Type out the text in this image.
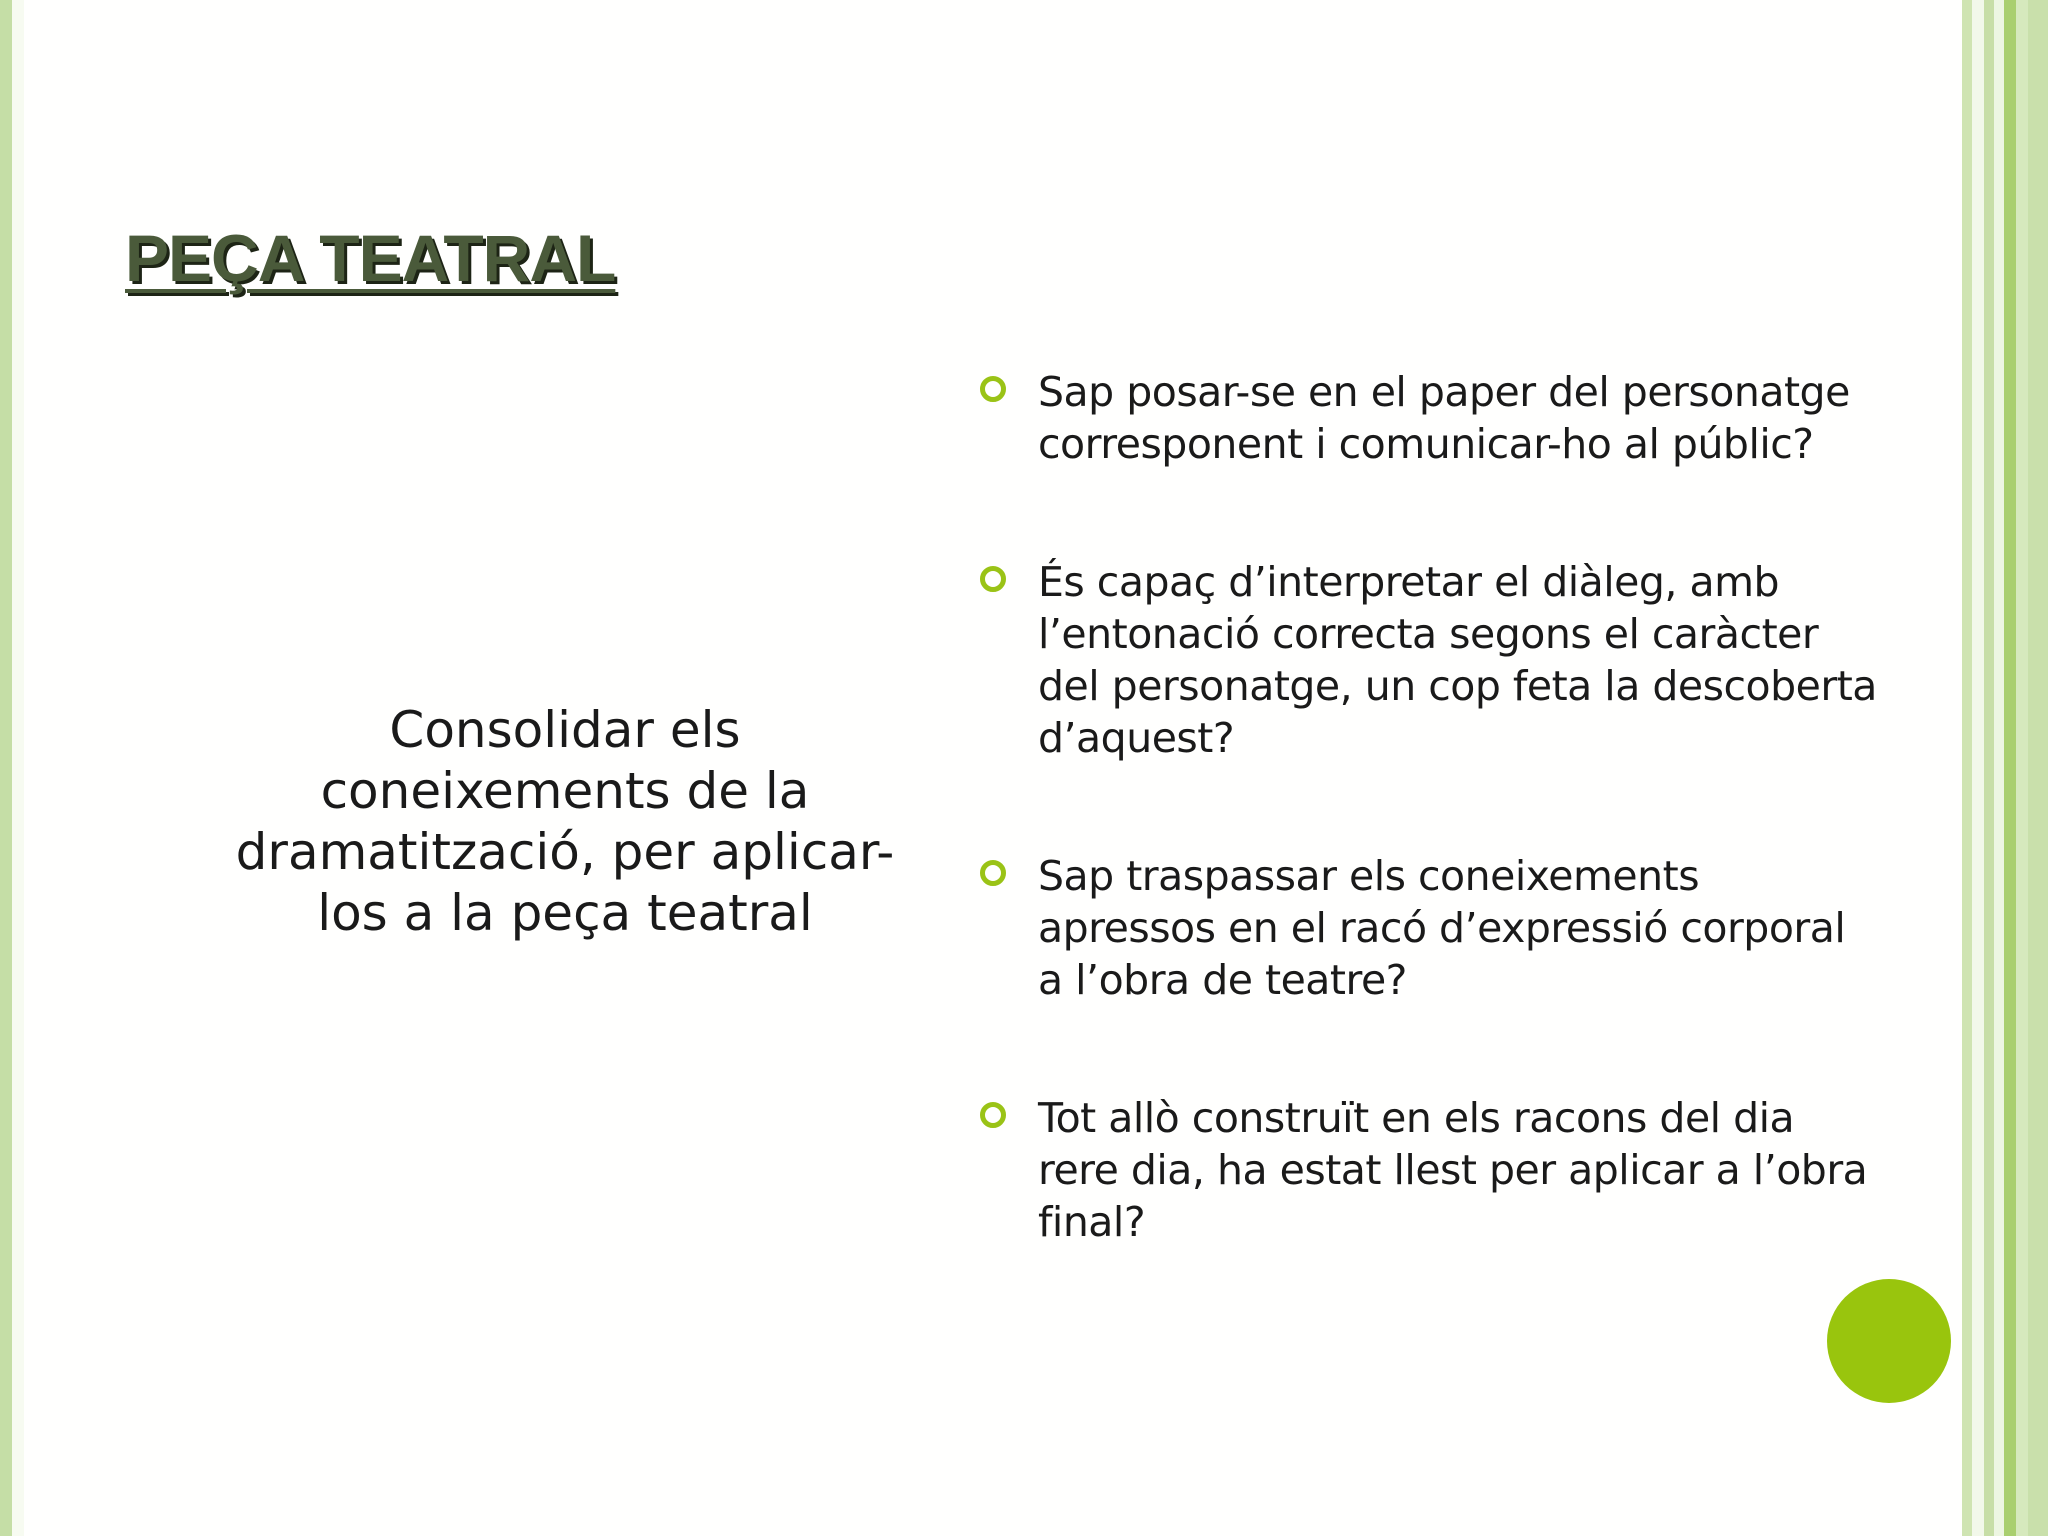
PEÇA TEATRAL
Consolidar els coneixements de la dramatització, per aplicar-los a la peça teatral
Sap posar-se en el paper del personatge corresponent i comunicar-ho al públic?
És capaç d’interpretar el diàleg, amb l’entonació correcta segons el caràcter del personatge, un cop feta la descoberta d’aquest?
Sap traspassar els coneixements apressos en el racó d’expressió corporal a l’obra de teatre?
Tot allò construït en els racons del dia rere dia, ha estat llest per aplicar a l’obra final?
